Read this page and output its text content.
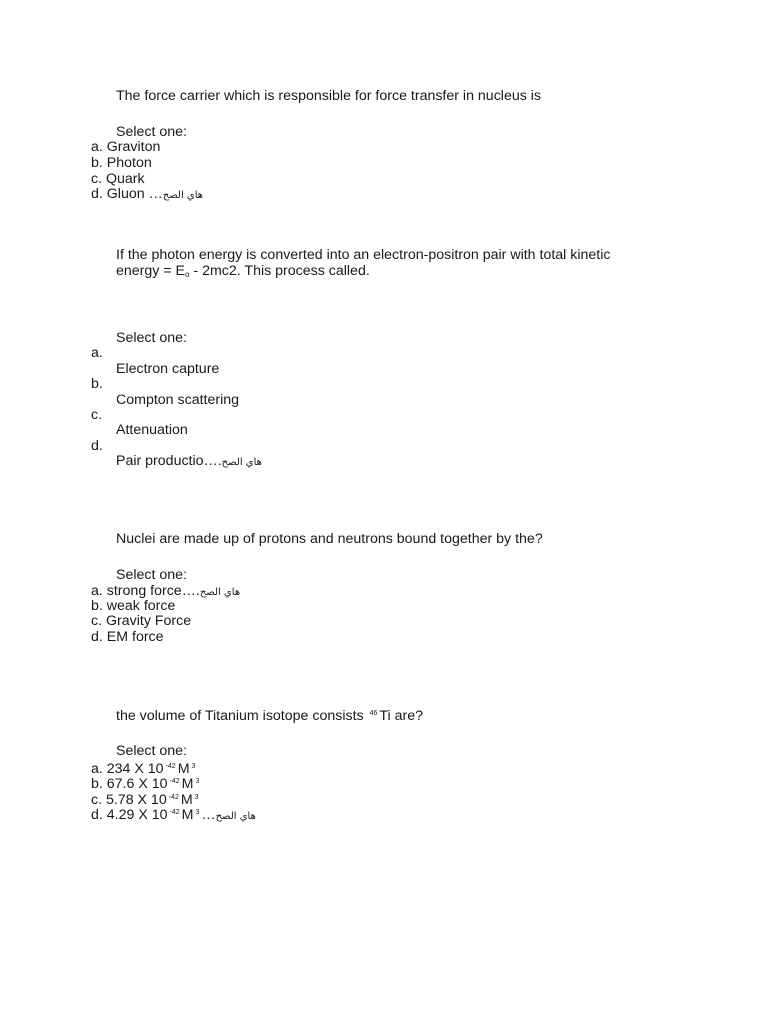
The force carrier which is responsible for force transfer in nucleus is
Select one:
a. Graviton
b. Photon
c. Quark
d. Gluon …هاي الصح
If the photon energy is converted into an electron-positron pair with total kinetic
energy = $E_o - 2mc2$. This process called.
Select one:
a.
Electron capture
b.
Compton scattering
c.
Attenuation
d.
Pair productio….هاي الصح
Nuclei are made up of protons and neutrons bound together by the?
Select one:
a. strong force….هاي الصح
b. weak force
c. Gravity Force
d. EM force
the volume of Titanium isotope consists $^{46}$ Ti are?
Select one:
a. 234 X 10 $^{-42}$ M $^3$
b. 67.6 X 10 $^{-42}$ M $^3$
c. 5.78 X 10 $^{-42}$ M $^3$
d. 4.29 X 10 $^{-42}$ M $^3$ …هاي الصح
